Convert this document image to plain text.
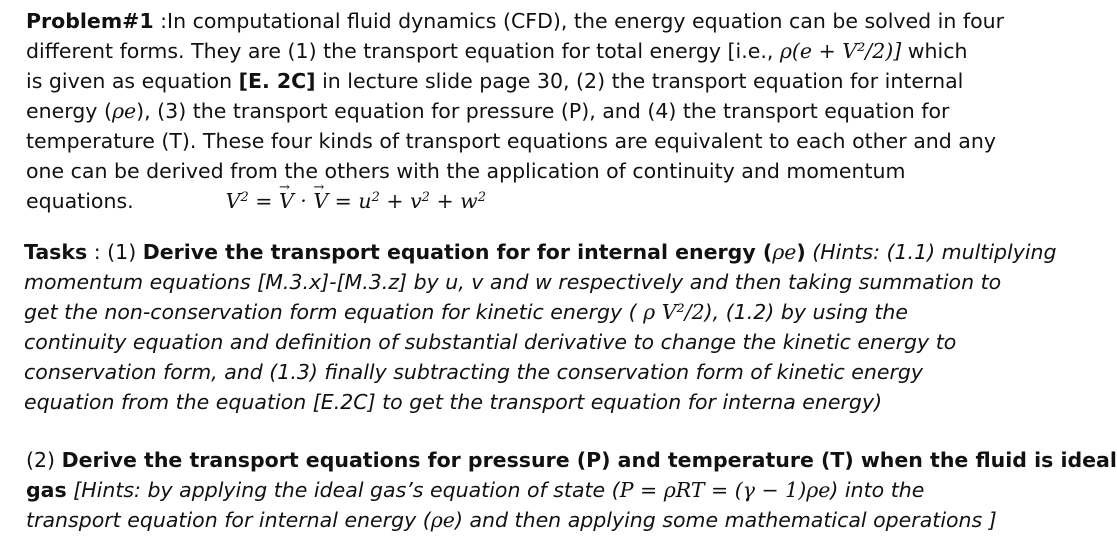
Problem#1 :In computational fluid dynamics (CFD), the energy equation can be solved in four
different forms. They are (1) the transport equation for total energy [i.e., ρ(e + V²/2)] which
is given as equation [E. 2C] in lecture slide page 30, (2) the transport equation for internal
energy (ρe), (3) the transport equation for pressure (P), and (4) the transport equation for
temperature (T). These four kinds of transport equations are equivalent to each other and any
one can be derived from the others with the application of continuity and momentum
equations.	$V^2$ = → V · → $V = u^2 + v^2 + w^2$
Tasks : (1) Derive the transport equation for for internal energy (ρe) (Hints: (1.1) multiplying
momentum equations [M.3.x]-[M.3.z] by u, v and w respectively and then taking summation to
get the non-conservation form equation for kinetic energy ( ρ V²/2), (1.2) by using the
continuity equation and definition of substantial derivative to change the kinetic energy to
conservation form, and (1.3) finally subtracting the conservation form of kinetic energy
equation from the equation [E.2C] to get the transport equation for interna energy)
(2) Derive the transport equations for pressure (P) and temperature (T) when the fluid is ideal
gas [Hints: by applying the ideal gas’s equation of state (P = ρRT = (γ − 1)ρe) into the
transport equation for internal energy (ρe) and then applying some mathematical operations ]
